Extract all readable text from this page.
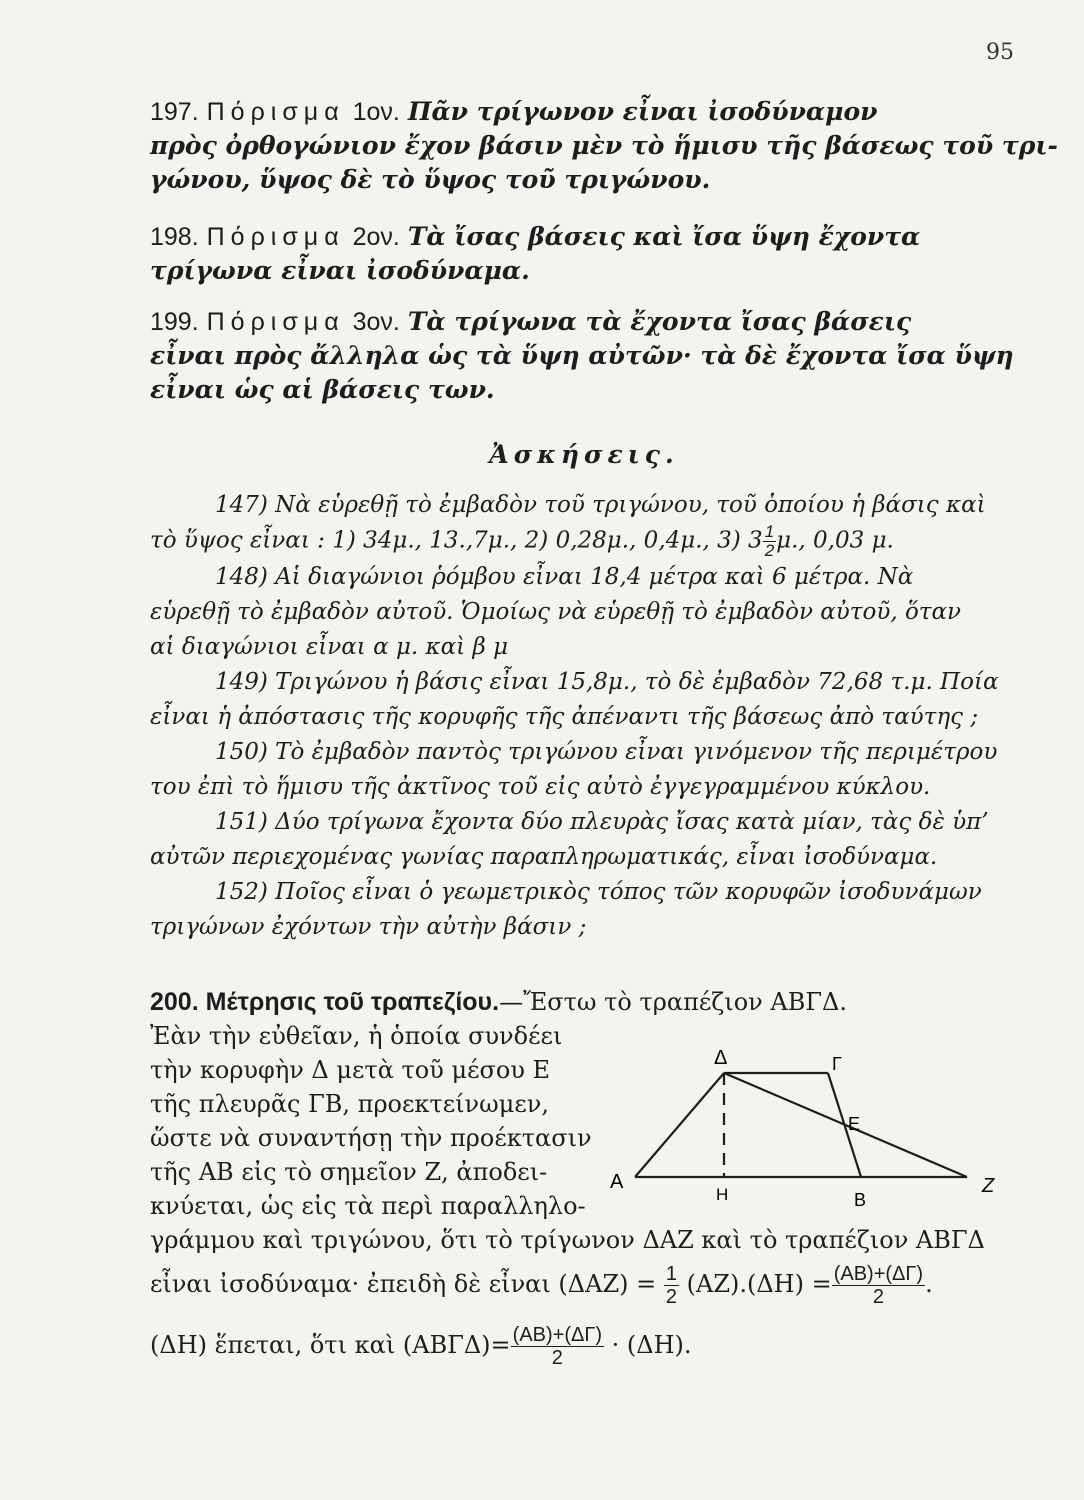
95
197. Πόρισμα 1ον. Πᾶν τρίγωνον εἶναι ἰσοδύναμον
πρὸς ὀρθογώνιον ἔχον βάσιν μὲν τὸ ἥμισυ τῆς βάσεως τοῦ τρι-
γώνου, ὕψος δὲ τὸ ὕψος τοῦ τριγώνου.
198. Πόρισμα 2ον. Τὰ ἴσας βάσεις καὶ ἴσα ὕψη ἔχοντα
τρίγωνα εἶναι ἰσοδύναμα.
199. Πόρισμα 3ον. Τὰ τρίγωνα τὰ ἔχοντα ἴσας βάσεις
εἶναι πρὸς ἄλληλα ὡς τὰ ὕψη αὐτῶν· τὰ δὲ ἔχοντα ἴσα ὕψη
εἶναι ὡς αἱ βάσεις των.
Ἀσκήσεις.
147) Νὰ εὑρεθῇ τὸ ἐμβαδὸν τοῦ τριγώνου, τοῦ ὁποίου ἡ βάσις καὶ
τὸ ὕψος εἶναι : 1) 34μ., 13.,7μ., 2) 0,28μ., 0,4μ., 3) $3 \frac{1}{2} \mu$., 0,03 μ.
148) Αἱ διαγώνιοι ῥόμβου εἶναι 18,4 μέτρα καὶ 6 μέτρα. Νὰ
εὑρεθῇ τὸ ἐμβαδὸν αὐτοῦ. Ὁμοίως νὰ εὑρεθῇ τὸ ἐμβαδὸν αὐτοῦ, ὅταν
αἱ διαγώνιοι εἶναι α μ. καὶ β μ
149) Τριγώνου ἡ βάσις εἶναι 15,8μ., τὸ δὲ ἐμβαδὸν 72,68 τ.μ. Ποία
εἶναι ἡ ἀπόστασις τῆς κορυφῆς τῆς ἀπέναντι τῆς βάσεως ἀπὸ ταύτης ;
150) Τὸ ἐμβαδὸν παντὸς τριγώνου εἶναι γινόμενον τῆς περιμέτρου
του ἐπὶ τὸ ἥμισυ τῆς ἀκτῖνος τοῦ εἰς αὐτὸ ἐγγεγραμμένου κύκλου.
151) Δύο τρίγωνα ἔχοντα δύο πλευρὰς ἴσας κατὰ μίαν, τὰς δὲ ὑπ’
αὐτῶν περιεχομένας γωνίας παραπληρωματικάς, εἶναι ἰσοδύναμα.
152) Ποῖος εἶναι ὁ γεωμετρικὸς τόπος τῶν κορυφῶν ἰσοδυνάμων
τριγώνων ἐχόντων τὴν αὐτὴν βάσιν ;
200. Μέτρησις τοῦ τραπεζίου.—Ἔστω τὸ τραπέζιον ΑΒΓΔ.
Ἐὰν τὴν εὐθεῖαν, ἡ ὁποία συνδέει
τὴν κορυφὴν Δ μετὰ τοῦ μέσου Ε
τῆς πλευρᾶς ΓΒ, προεκτείνωμεν,
ὥστε νὰ συναντήσῃ τὴν προέκτασιν
τῆς ΑΒ εἰς τὸ σημεῖον Ζ, ἀποδει-
κνύεται, ὡς εἰς τὰ περὶ παραλληλο-
γράμμου καὶ τριγώνου, ὅτι τὸ τρίγωνον ΔΑΖ καὶ τὸ τραπέζιον ΑΒΓΔ
εἶναι ἰσοδύναμα· ἐπειδὴ δὲ εἶναι $(\Delta AZ) = \frac{1}{2} (AZ).(\Delta H) = \frac{(AB)+(\Delta\Gamma)}{2}$ .
(ΔΗ) ἕπεται, ὅτι καὶ $(AB\Gamma\Delta)= \frac{(AB)+(\Delta\Gamma)}{2} \cdot (\Delta H)$.
Α
Β
Γ
Δ
Ε
Ζ
Η
